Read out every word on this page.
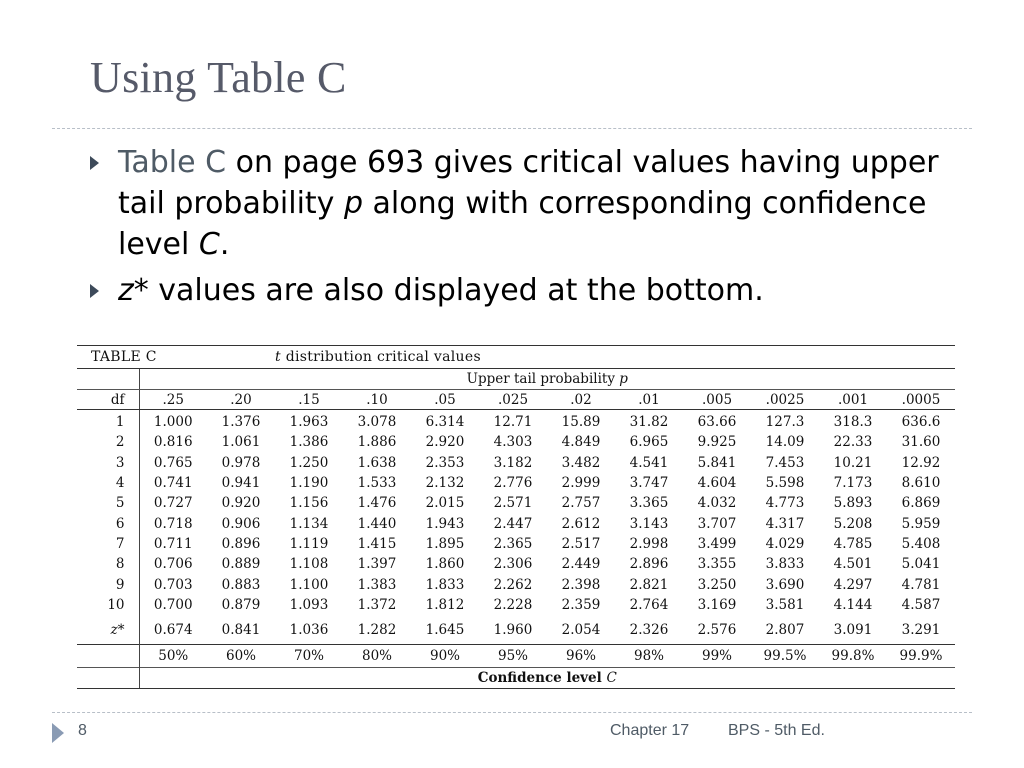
Using Table C
Table C on page 693 gives critical values having upper tail probability p along with corresponding confidence level C.
z* values are also displayed at the bottom.
TABLE C			t distribution critical values									
	Upper tail probability p											
df	.25	.20	.15	.10	.05	.025	.02	.01	.005	.0025	.001	.0005
1	1.000	1.376	1.963	3.078	6.314	12.71	15.89	31.82	63.66	127.3	318.3	636.6
2	0.816	1.061	1.386	1.886	2.920	4.303	4.849	6.965	9.925	14.09	22.33	31.60
3	0.765	0.978	1.250	1.638	2.353	3.182	3.482	4.541	5.841	7.453	10.21	12.92
4	0.741	0.941	1.190	1.533	2.132	2.776	2.999	3.747	4.604	5.598	7.173	8.610
5	0.727	0.920	1.156	1.476	2.015	2.571	2.757	3.365	4.032	4.773	5.893	6.869
6	0.718	0.906	1.134	1.440	1.943	2.447	2.612	3.143	3.707	4.317	5.208	5.959
7	0.711	0.896	1.119	1.415	1.895	2.365	2.517	2.998	3.499	4.029	4.785	5.408
8	0.706	0.889	1.108	1.397	1.860	2.306	2.449	2.896	3.355	3.833	4.501	5.041
9	0.703	0.883	1.100	1.383	1.833	2.262	2.398	2.821	3.250	3.690	4.297	4.781
10	0.700	0.879	1.093	1.372	1.812	2.228	2.359	2.764	3.169	3.581	4.144	4.587
z*	0.674	0.841	1.036	1.282	1.645	1.960	2.054	2.326	2.576	2.807	3.091	3.291
	50%	60%	70%	80%	90%	95%	96%	98%	99%	99.5%	99.8%	99.9%
	Confidence level C											
8	Chapter 17 BPS - 5th Ed.
